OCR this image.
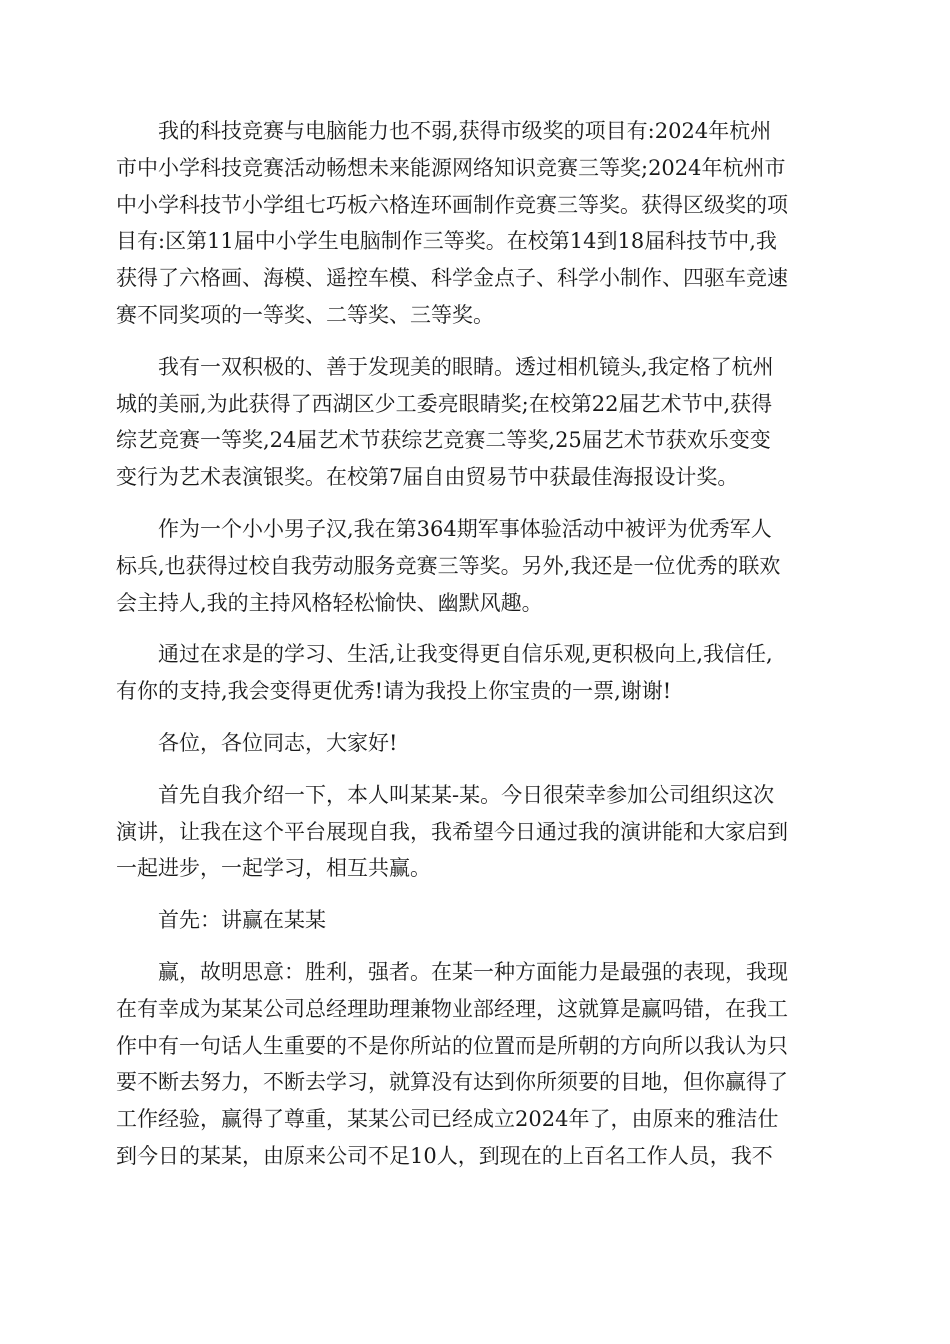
我的科技竞赛与电脑能力也不弱,获得市级奖的项目有:2024年杭州
市中小学科技竞赛活动畅想未来能源网络知识竞赛三等奖;2024年杭州市
中小学科技节小学组七巧板六格连环画制作竞赛三等奖。获得区级奖的项
目有:区第11届中小学生电脑制作三等奖。在校第14到18届科技节中,我
获得了六格画、海模、遥控车模、科学金点子、科学小制作、四驱车竞速
赛不同奖项的一等奖、二等奖、三等奖。

我有一双积极的、善于发现美的眼睛。透过相机镜头,我定格了杭州
城的美丽,为此获得了西湖区少工委亮眼睛奖;在校第22届艺术节中,获得
综艺竞赛一等奖,24届艺术节获综艺竞赛二等奖,25届艺术节获欢乐变变
变行为艺术表演银奖。在校第7届自由贸易节中获最佳海报设计奖。

作为一个小小男子汉,我在第364期军事体验活动中被评为优秀军人
标兵,也获得过校自我劳动服务竞赛三等奖。另外,我还是一位优秀的联欢
会主持人,我的主持风格轻松愉快、幽默风趣。

通过在求是的学习、生活,让我变得更自信乐观,更积极向上,我信任,
有你的支持,我会变得更优秀!请为我投上你宝贵的一票,谢谢!

各位，各位同志，大家好!

首先自我介绍一下，本人叫某某-某。今日很荣幸参加公司组织这次
演讲，让我在这个平台展现自我，我希望今日通过我的演讲能和大家启到
一起进步，一起学习，相互共赢。

首先：讲赢在某某

赢，故明思意：胜利，强者。在某一种方面能力是最强的表现，我现
在有幸成为某某公司总经理助理兼物业部经理，这就算是赢吗错，在我工
作中有一句话人生重要的不是你所站的位置而是所朝的方向所以我认为只
要不断去努力，不断去学习，就算没有达到你所须要的目地，但你赢得了
工作经验，赢得了尊重，某某公司已经成立2024年了，由原来的雅洁仕
到今日的某某，由原来公司不足10人，到现在的上百名工作人员，我不
